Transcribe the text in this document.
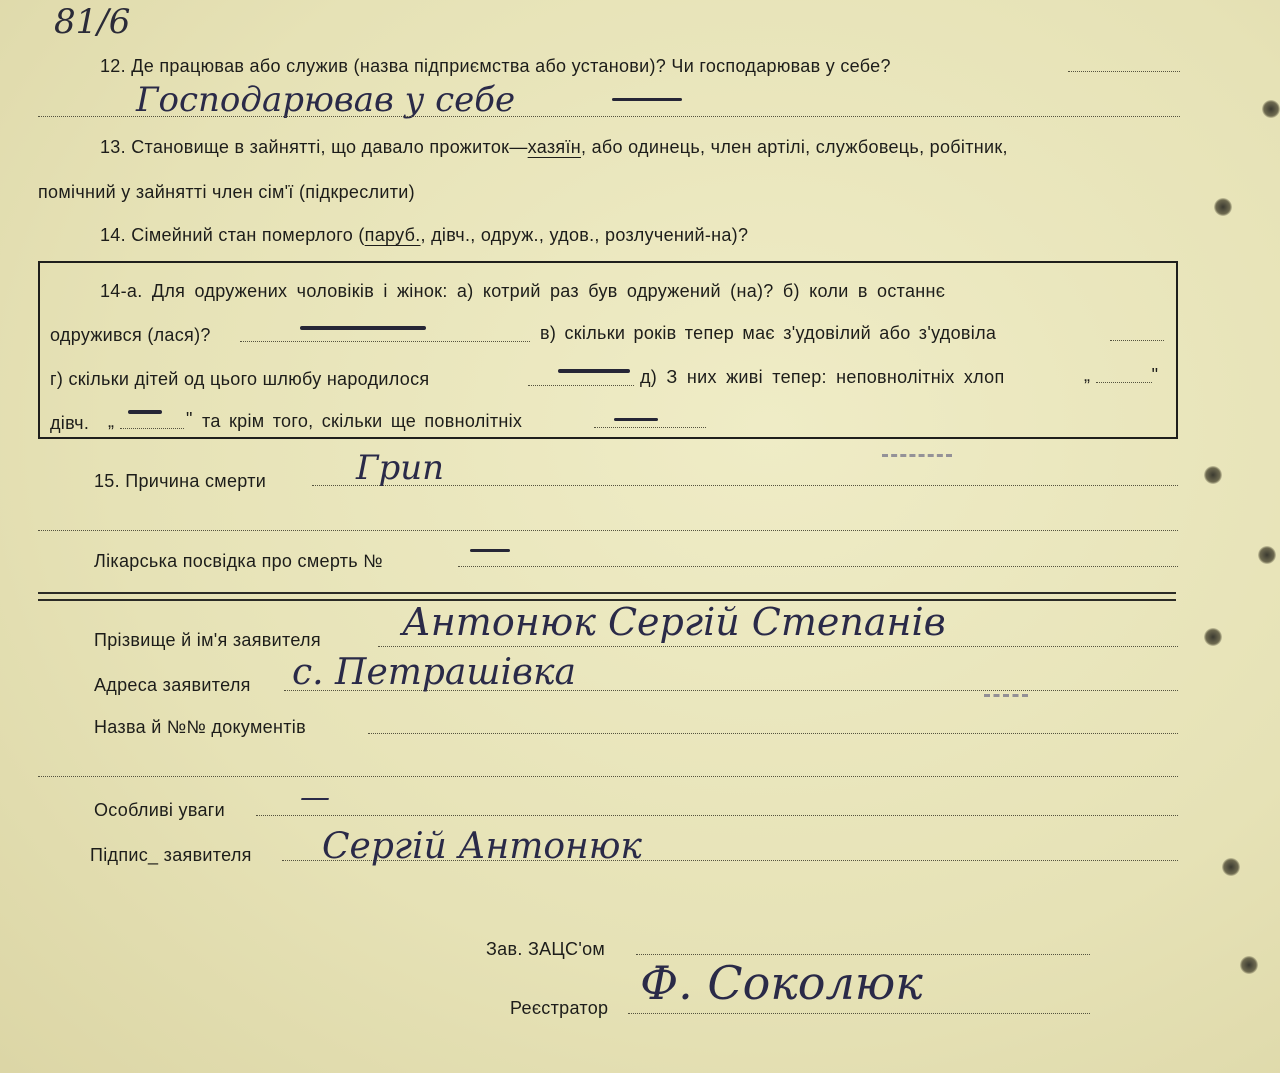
81/6
12. Де працював або служив (назва підприємства або установи)? Чи господарював у себе?
Господарював у себе
13. Становище в зайнятті, що давало прожиток—хазяїн, або одинець, член артілі, службовець, робітник,
помічний у зайнятті член сім'ї (підкреслити)
14. Сімейний стан померлого (паруб., дівч., одруж., удов., розлучений-на)?
14-а. Для одружених чоловіків і жінок: а) котрий раз був одружений (на)? б) коли в останнє
одружився (лася)?	в) скільки років тепер має з'удовілий або з'удовіла
г) скільки дітей од цього шлюбу народилося	д) З них живі тепер: неповнолітніх хлоп	„ "
дівч. „	" та крім того, скільки ще повнолітніх
15. Причина смерти	Грип
Лікарська посвідка про смерть №
Прізвище й ім'я заявителя Антонюк Сергій Степанів
Адреса заявителя с. Петрашівка
Назва й №№ документів
Особливі уваги —
Підпис_ заявителя Сергій Антонюк
Зав. ЗАЦС'ом
Реєстратор Ф. Соколюк
